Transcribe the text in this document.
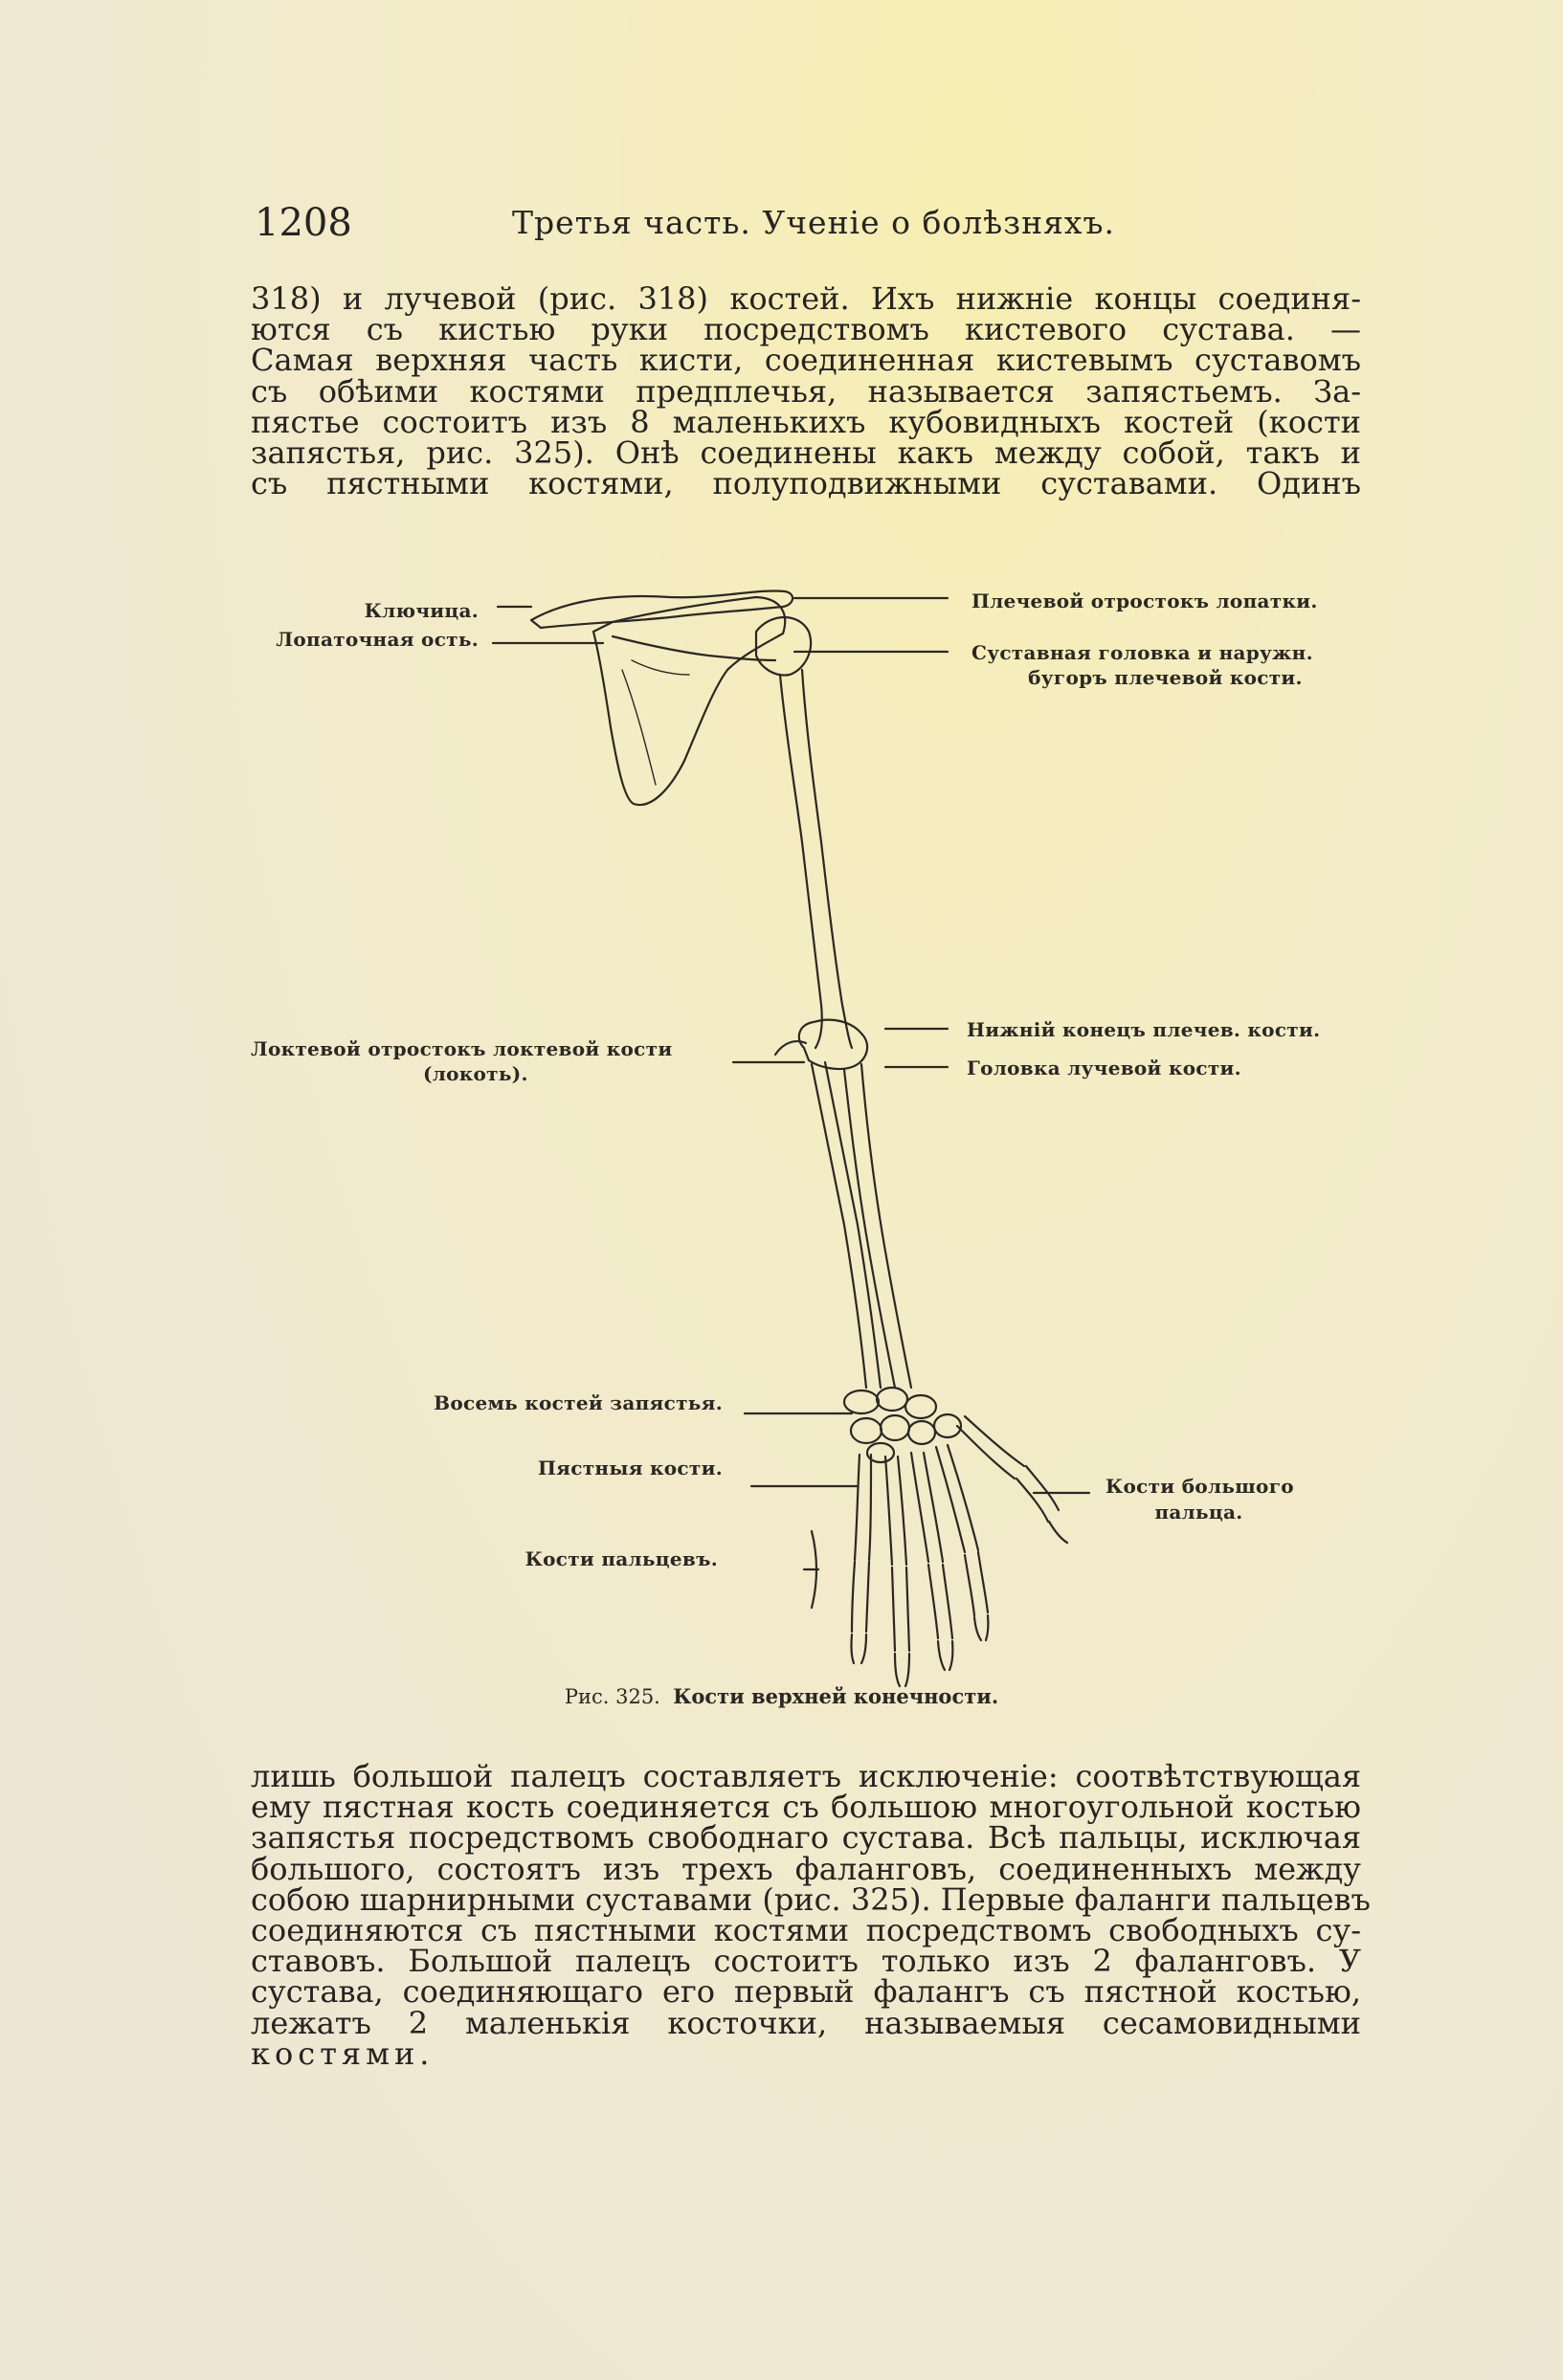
1208	Третья часть. Ученіе о болѣзняхъ.
318) и лучевой (рис. 318) костей. Ихъ нижніе концы соединя-
ются съ кистью руки посредствомъ кистевого сустава. —
Самая верхняя часть кисти, соединенная кистевымъ суставомъ
съ обѣими костями предплечья, называется запястьемъ. За-
пястье состоитъ изъ 8 маленькихъ кубовидныхъ костей (кости
запястья, рис. 325). Онѣ соединены какъ между собой, такъ и
съ пястными костями, полуподвижными суставами. Одинъ
Ключица.
Лопаточная ость.
Плечевой отростокъ лопатки.
Суставная головка и наружн.
бугоръ плечевой кости.
Локтевой отростокъ локтевой кости
(локоть).
Нижній конецъ плечев. кости.
Головка лучевой кости.
Восемь костей запястья.
Пястныя кости.
Кости большого
пальца.
Кости пальцевъ.
Рис. 325. Кости верхней конечности.
лишь большой палецъ составляетъ исключеніе: соотвѣтствующая
ему пястная кость соединяется съ большою многоугольной костью
запястья посредствомъ свободнаго сустава. Всѣ пальцы, исключая
большого, состоятъ изъ трехъ фаланговъ, соединенныхъ между
собою шарнирными суставами (рис. 325). Первые фаланги пальцевъ
соединяются съ пястными костями посредствомъ свободныхъ су-
ставовъ. Большой палецъ состоитъ только изъ 2 фаланговъ. У
сустава, соединяющаго его первый фалангъ съ пястной костью,
лежатъ 2 маленькія косточки, называемыя сесамовидными
костями.
